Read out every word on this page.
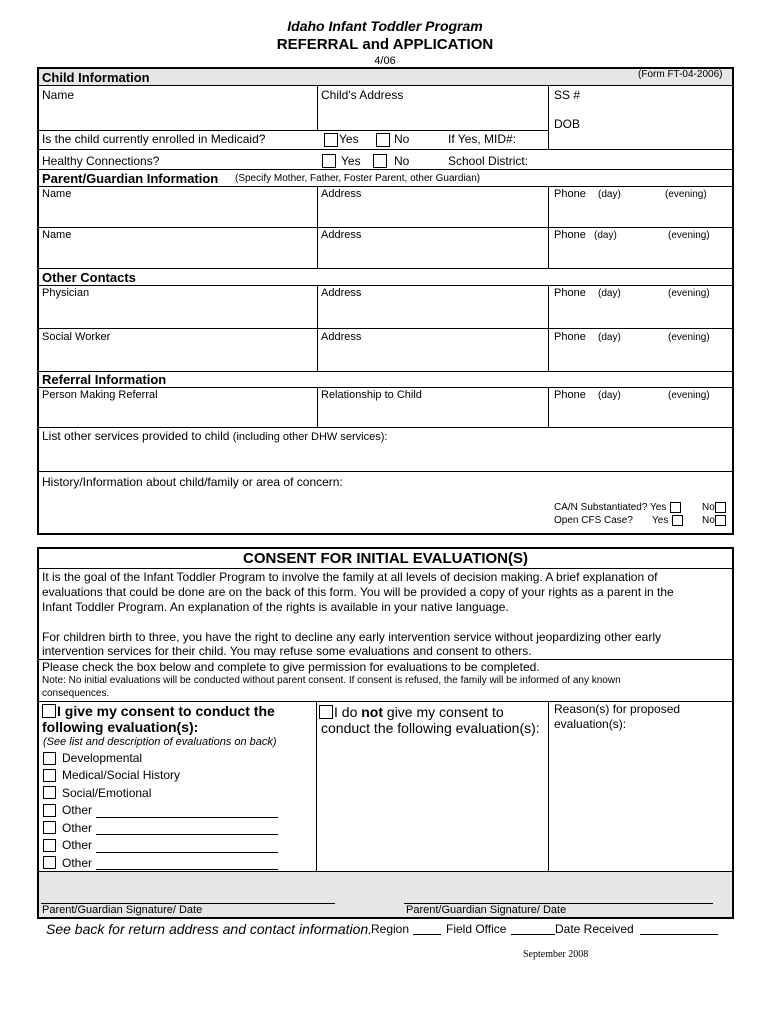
Idaho Infant Toddler Program
REFERRAL and APPLICATION
4/06
Child Information	(Form FT-04-2006)
Name	Child's Address	SS #
DOB
Is the child currently enrolled in Medicaid?	Yes	No	If Yes, MID#:
Healthy Connections?	Yes	No	School District:
Parent/Guardian Information (Specify Mother, Father, Foster Parent, other Guardian)
Name	Address	Phone (day)	(evening)
Name	Address	Phone (day)	(evening)
Other Contacts
Physician	Address	Phone (day)	(evening)
Social Worker	Address	Phone (day)	(evening)
Referral Information
Person Making Referral	Relationship to Child	Phone (day)	(evening)
List other services provided to child (including other DHW services):
History/Information about child/family or area of concern:
CA/N Substantiated? Yes	No
Open CFS Case? Yes	No
CONSENT FOR INITIAL EVALUATION(S)
It is the goal of the Infant Toddler Program to involve the family at all levels of decision making. A brief explanation of
evaluations that could be done are on the back of this form. You will be provided a copy of your rights as a parent in the
Infant Toddler Program. An explanation of the rights is available in your native language.
For children birth to three, you have the right to decline any early intervention service without jeopardizing other early
intervention services for their child. You may refuse some evaluations and consent to others.
Please check the box below and complete to give permission for evaluations to be completed.
Note: No initial evaluations will be conducted without parent consent. If consent is refused, the family will be informed of any known
consequences.
I give my consent to conduct the
following evaluation(s):
(See list and description of evaluations on back)
Developmental
Medical/Social History
Social/Emotional
Other
Other
Other
Other
I do not give my consent to
conduct the following evaluation(s):
Reason(s) for proposed
evaluation(s):
Parent/Guardian Signature/ Date	Parent/Guardian Signature/ Date
See back for return address and contact information.
Region	Field Office	Date Received
September 2008
